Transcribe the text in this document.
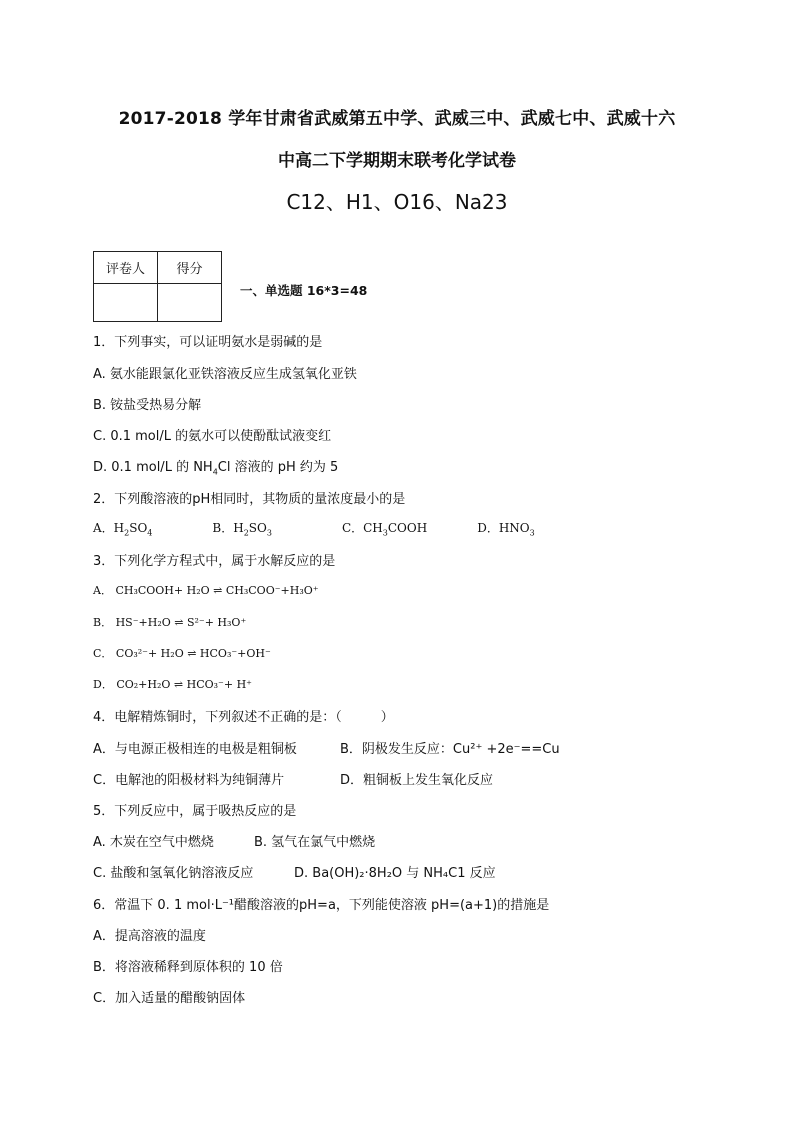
2017-2018 学年甘肃省武威第五中学、武威三中、武威七中、武威十六
中高二下学期期末联考化学试卷
C12、H1、O16、Na23
评卷人	得分

一、单选题 16*3=48
1．下列事实，可以证明氨水是弱碱的是
A. 氨水能跟氯化亚铁溶液反应生成氢氧化亚铁
B. 铵盐受热易分解
C. 0.1 mol/L 的氨水可以使酚酞试液变红
D. 0.1 mol/L 的 $NH_4Cl$ 溶液的 pH 约为 5
2．下列酸溶液的pH相同时，其物质的量浓度最小的是
A．$H_2SO_4$	B．$H_2SO_3$	C．$CH_3COOH$	D．$HNO_3$
3．下列化学方程式中，属于水解反应的是
A． CH₃COOH+ H₂O ⇌ CH₃COO⁻+H₃O⁺
B． HS⁻+H₂O ⇌ S²⁻+ H₃O⁺
C． CO₃²⁻+ H₂O ⇌ HCO₃⁻+OH⁻
D． CO₂+H₂O ⇌ HCO₃⁻+ H⁺
4．电解精炼铜时，下列叙述不正确的是：（　　　）
A．与电源正极相连的电极是粗铜板	B．阴极发生反应：Cu²⁺ +2e⁻==Cu
C．电解池的阳极材料为纯铜薄片	D．粗铜板上发生氧化反应
5．下列反应中，属于吸热反应的是
A. 木炭在空气中燃烧	B. 氢气在氯气中燃烧
C. 盐酸和氢氧化钠溶液反应	D. Ba(OH)₂·8H₂O 与 NH₄C1 反应
6．常温下 0. 1 mol·L⁻¹醋酸溶液的pH=a，下列能使溶液 pH=(a+1)的措施是
A．提高溶液的温度
B．将溶液稀释到原体积的 10 倍
C．加入适量的醋酸钠固体
